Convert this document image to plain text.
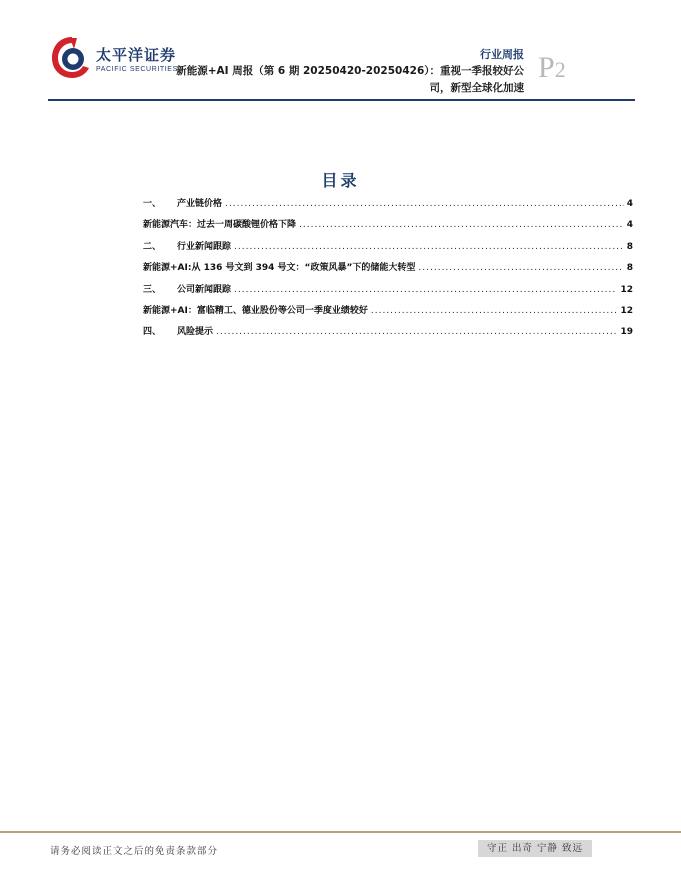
太平洋证券
PACIFIC SECURITIES
行业周报
新能源+AI 周报（第 6 期 20250420-20250426）：重视一季报较好公司，新型全球化加速
P2
目录
一、	产业链价格 .....	4
新能源汽车：过去一周碳酸锂价格下降 .....	4
二、	行业新闻跟踪 .....	8
新能源+AI:从 136 号文到 394 号文：“政策风暴”下的储能大转型 .....	8
三、	公司新闻跟踪 .....	12
新能源+AI：富临精工、德业股份等公司一季度业绩较好 .....	12
四、	风险提示 .....	19
请务必阅读正文之后的免责条款部分	守正 出奇 宁静 致远
